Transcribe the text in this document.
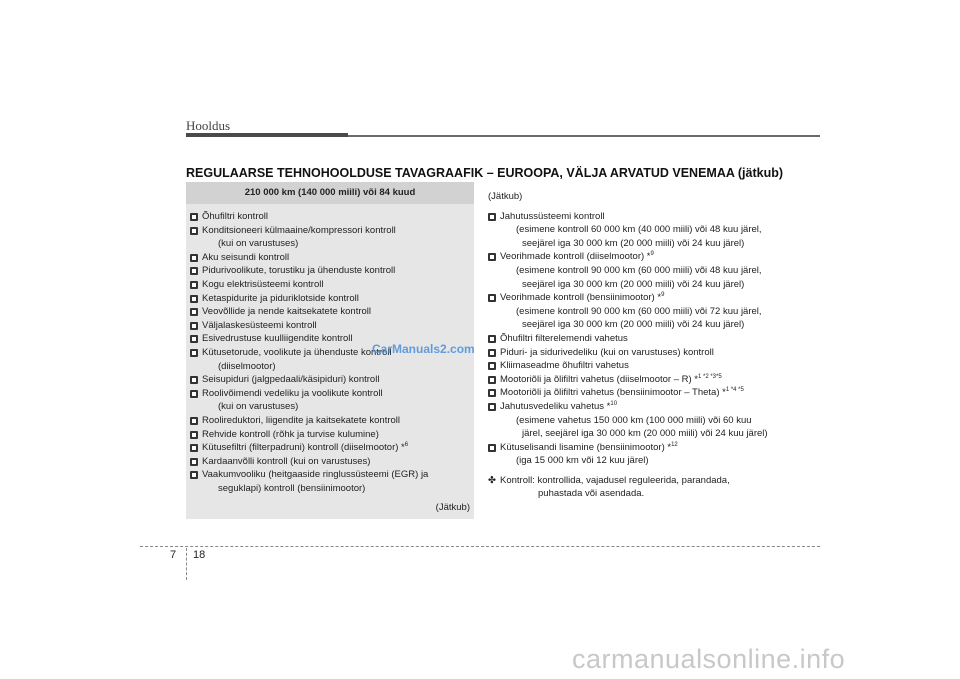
Hooldus
REGULAARSE TEHNOHOOLDUSE TAVAGRAAFIK – EUROOPA, VÄLJA ARVATUD VENEMAA (jätkub)
210 000 km (140 000 miili) või 84 kuud
Õhufiltri kontroll
Konditsioneeri külmaaine/kompressori kontroll
(kui on varustuses)
Aku seisundi kontroll
Pidurivoolikute, torustiku ja ühenduste kontroll
Kogu elektrisüsteemi kontroll
Ketaspidurite ja piduriklotside kontroll
Veovõllide ja nende kaitsekatete kontroll
Väljalaskesüsteemi kontroll
Esivedrustuse kuulliigendite kontroll
Kütusetorude, voolikute ja ühenduste kontroll
(diiselmootor)
Seisupiduri (jalgpedaali/käsipiduri) kontroll
Roolivõimendi vedeliku ja voolikute kontroll
(kui on varustuses)
Roolireduktori, liigendite ja kaitsekatete kontroll
Rehvide kontroll (rõhk ja turvise kulumine)
Kütusefiltri (filterpadruni) kontroll (diiselmootor) *$^6$
Kardaanvõlli kontroll (kui on varustuses)
Vaakumvooliku (heitgaaside ringlussüsteemi (EGR) ja
seguklapi) kontroll (bensiinimootor)
(Jätkub)
CarManuals2.com
(Jätkub)
Jahutussüsteemi kontroll
(esimene kontroll 60 000 km (40 000 miili) või 48 kuu järel,
seejärel iga 30 000 km (20 000 miili) või 24 kuu järel)
Veorihmade kontroll (diiselmootor) *$^9$
(esimene kontroll 90 000 km (60 000 miili) või 48 kuu järel,
seejärel iga 30 000 km (20 000 miili) või 24 kuu järel)
Veorihmade kontroll (bensiinimootor) *$^9$
(esimene kontroll 90 000 km (60 000 miili) või 72 kuu järel,
seejärel iga 30 000 km (20 000 miili) või 24 kuu järel)
Õhufiltri filterelemendi vahetus
Piduri- ja sidurivedeliku (kui on varustuses) kontroll
Kliimaseadme õhufiltri vahetus
Mootoriõli ja õlifiltri vahetus (diiselmootor – R) *$^{1 *2 *3*5}$
Mootoriõli ja õlifiltri vahetus (bensiinimootor – Theta) *$^{1 *4 *5}$
Jahutusvedeliku vahetus *$^{10}$
(esimene vahetus 150 000 km (100 000 miili) või 60 kuu
järel, seejärel iga 30 000 km (20 000 miili) või 24 kuu järel)
Kütuselisandi lisamine (bensiinimootor) *$^{12}$
(iga 15 000 km või 12 kuu järel)
✤ Kontroll: kontrollida, vajadusel reguleerida, parandada,
puhastada või asendada.
7 18
carmanualsonline.info
